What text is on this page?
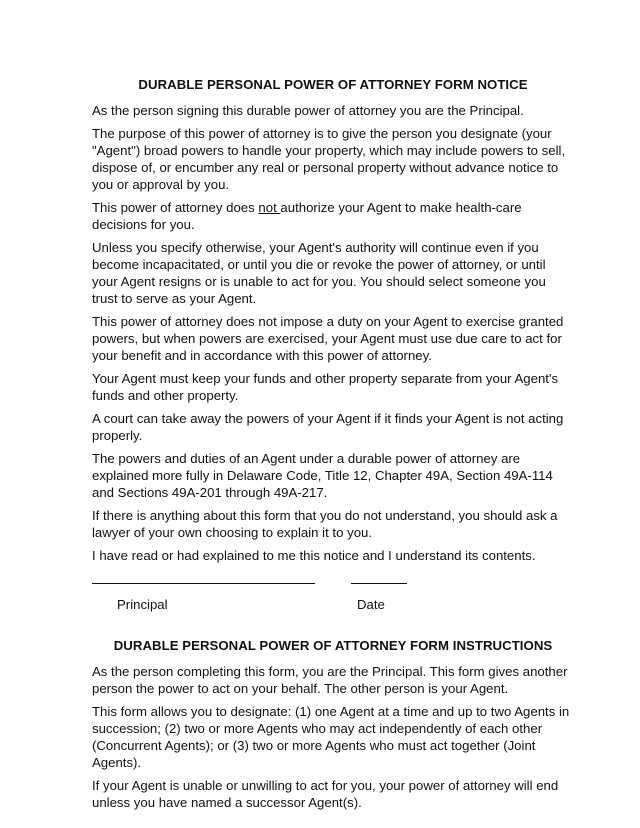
DURABLE PERSONAL POWER OF ATTORNEY FORM NOTICE

As the person signing this durable power of attorney you are the Principal.

The purpose of this power of attorney is to give the person you designate (your "Agent") broad powers to handle your property, which may include powers to sell, dispose of, or encumber any real or personal property without advance notice to you or approval by you.

This power of attorney does not authorize your Agent to make health-care decisions for you.

Unless you specify otherwise, your Agent's authority will continue even if you become incapacitated, or until you die or revoke the power of attorney, or until your Agent resigns or is unable to act for you. You should select someone you trust to serve as your Agent.

This power of attorney does not impose a duty on your Agent to exercise granted powers, but when powers are exercised, your Agent must use due care to act for your benefit and in accordance with this power of attorney.

Your Agent must keep your funds and other property separate from your Agent's funds and other property.

A court can take away the powers of your Agent if it finds your Agent is not acting properly.

The powers and duties of an Agent under a durable power of attorney are explained more fully in Delaware Code, Title 12, Chapter 49A, Section 49A-114 and Sections 49A-201 through 49A-217.

If there is anything about this form that you do not understand, you should ask a lawyer of your own choosing to explain it to you.

I have read or had explained to me this notice and I understand its contents.

Principal	Date
DURABLE PERSONAL POWER OF ATTORNEY FORM INSTRUCTIONS

As the person completing this form, you are the Principal. This form gives another person the power to act on your behalf. The other person is your Agent.

This form allows you to designate: (1) one Agent at a time and up to two Agents in succession; (2) two or more Agents who may act independently of each other (Concurrent Agents); or (3) two or more Agents who must act together (Joint Agents).

If your Agent is unable or unwilling to act for you, your power of attorney will end unless you have named a successor Agent(s).
